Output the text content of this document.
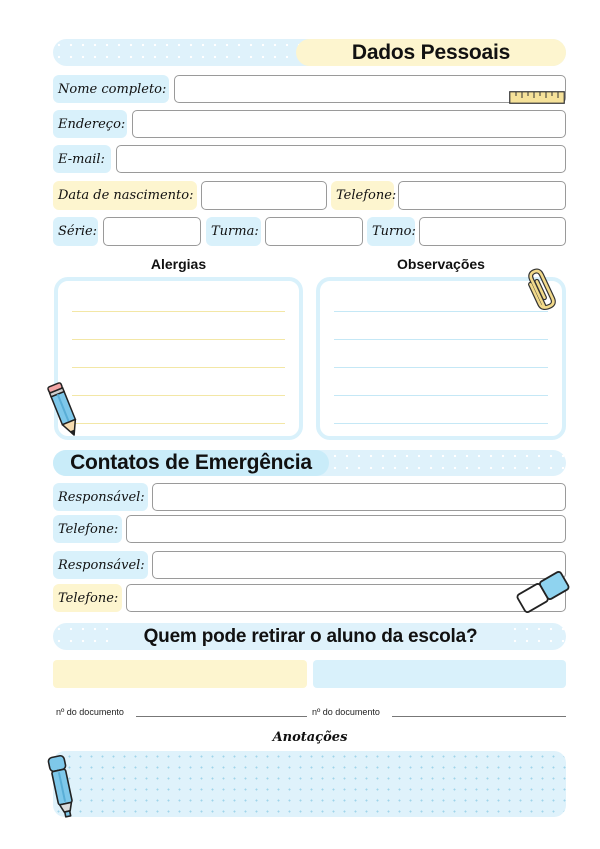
Dados Pessoais
Nome completo:
Endereço:
E-mail:
Data de nascimento:	Telefone:
Série:	Turma:	Turno:
Alergias	Observações
Contatos de Emergência
Responsável:
Telefone:
Responsável:
Telefone:
Quem pode retirar o aluno da escola?
nº do documento	nº do documento
Anotações
